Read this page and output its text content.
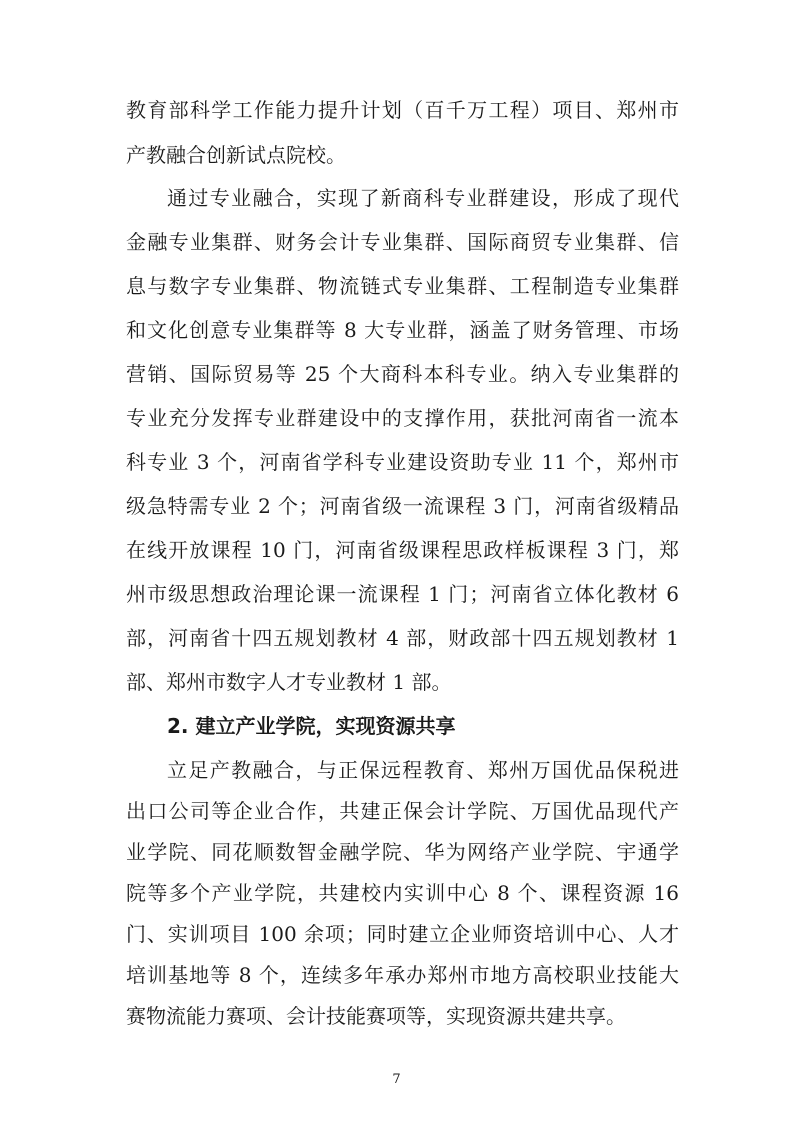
教育部科学工作能力提升计划（百千万工程）项目、郑州市
产教融合创新试点院校。
通过专业融合，实现了新商科专业群建设，形成了现代
金融专业集群、财务会计专业集群、国际商贸专业集群、信
息与数字专业集群、物流链式专业集群、工程制造专业集群
和文化创意专业集群等 8 大专业群，涵盖了财务管理、市场
营销、国际贸易等 25 个大商科本科专业。纳入专业集群的
专业充分发挥专业群建设中的支撑作用，获批河南省一流本
科专业 3 个，河南省学科专业建设资助专业 11 个，郑州市
级急特需专业 2 个；河南省级一流课程 3 门，河南省级精品
在线开放课程 10 门，河南省级课程思政样板课程 3 门，郑
州市级思想政治理论课一流课程 1 门；河南省立体化教材 6
部，河南省十四五规划教材 4 部，财政部十四五规划教材 1
部、郑州市数字人才专业教材 1 部。
2. 建立产业学院，实现资源共享
立足产教融合，与正保远程教育、郑州万国优品保税进
出口公司等企业合作，共建正保会计学院、万国优品现代产
业学院、同花顺数智金融学院、华为网络产业学院、宇通学
院等多个产业学院，共建校内实训中心 8 个、课程资源 16
门、实训项目 100 余项；同时建立企业师资培训中心、人才
培训基地等 8 个，连续多年承办郑州市地方高校职业技能大
7
赛物流能力赛项、会计技能赛项等，实现资源共建共享。
